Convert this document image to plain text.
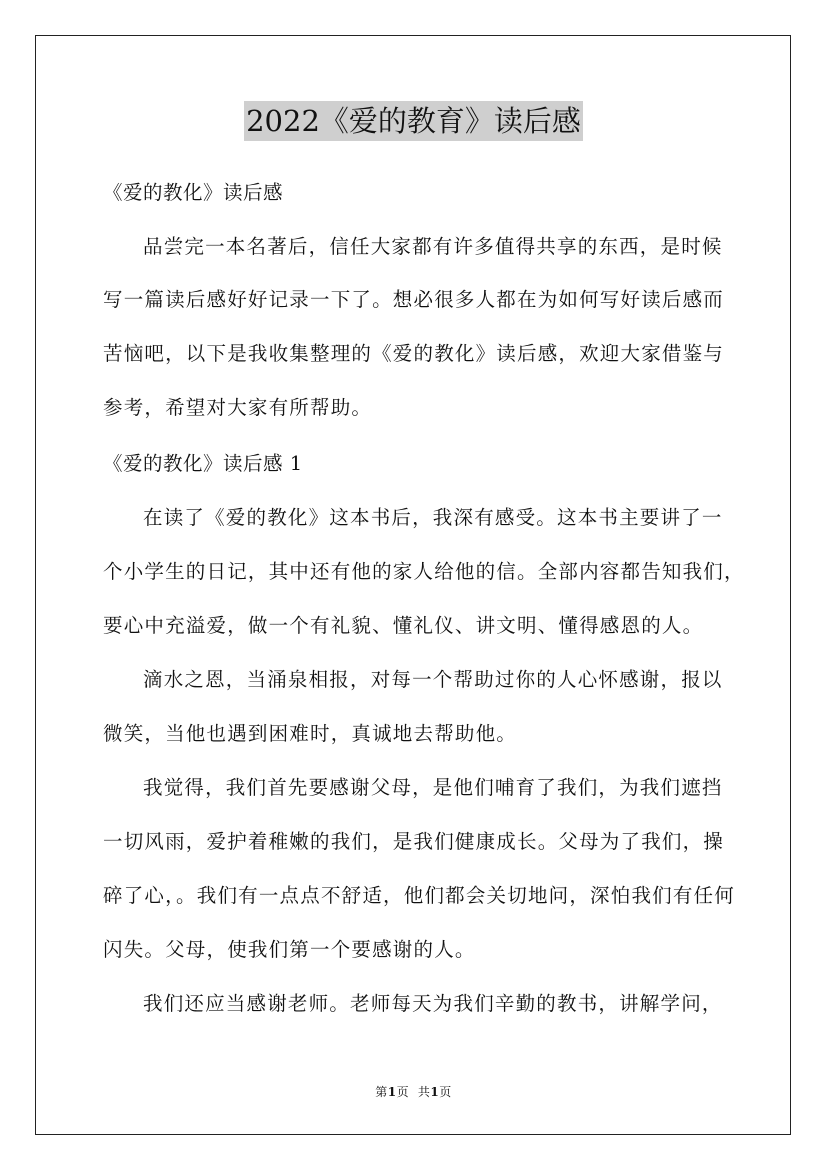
2022《爱的教育》读后感
《爱的教化》读后感
品尝完一本名著后，信任大家都有许多值得共享的东西，是时候
写一篇读后感好好记录一下了。想必很多人都在为如何写好读后感而
苦恼吧，以下是我收集整理的《爱的教化》读后感，欢迎大家借鉴与
参考，希望对大家有所帮助。
《爱的教化》读后感 1
在读了《爱的教化》这本书后，我深有感受。这本书主要讲了一
个小学生的日记，其中还有他的家人给他的信。全部内容都告知我们，
要心中充溢爱，做一个有礼貌、懂礼仪、讲文明、懂得感恩的人。
滴水之恩，当涌泉相报，对每一个帮助过你的人心怀感谢，报以
微笑，当他也遇到困难时，真诚地去帮助他。
我觉得，我们首先要感谢父母，是他们哺育了我们，为我们遮挡
一切风雨，爱护着稚嫩的我们，是我们健康成长。父母为了我们，操
碎了心，。我们有一点点不舒适，他们都会关切地问，深怕我们有任何
闪失。父母，使我们第一个要感谢的人。
我们还应当感谢老师。老师每天为我们辛勤的教书，讲解学问，
第1页 共1页
